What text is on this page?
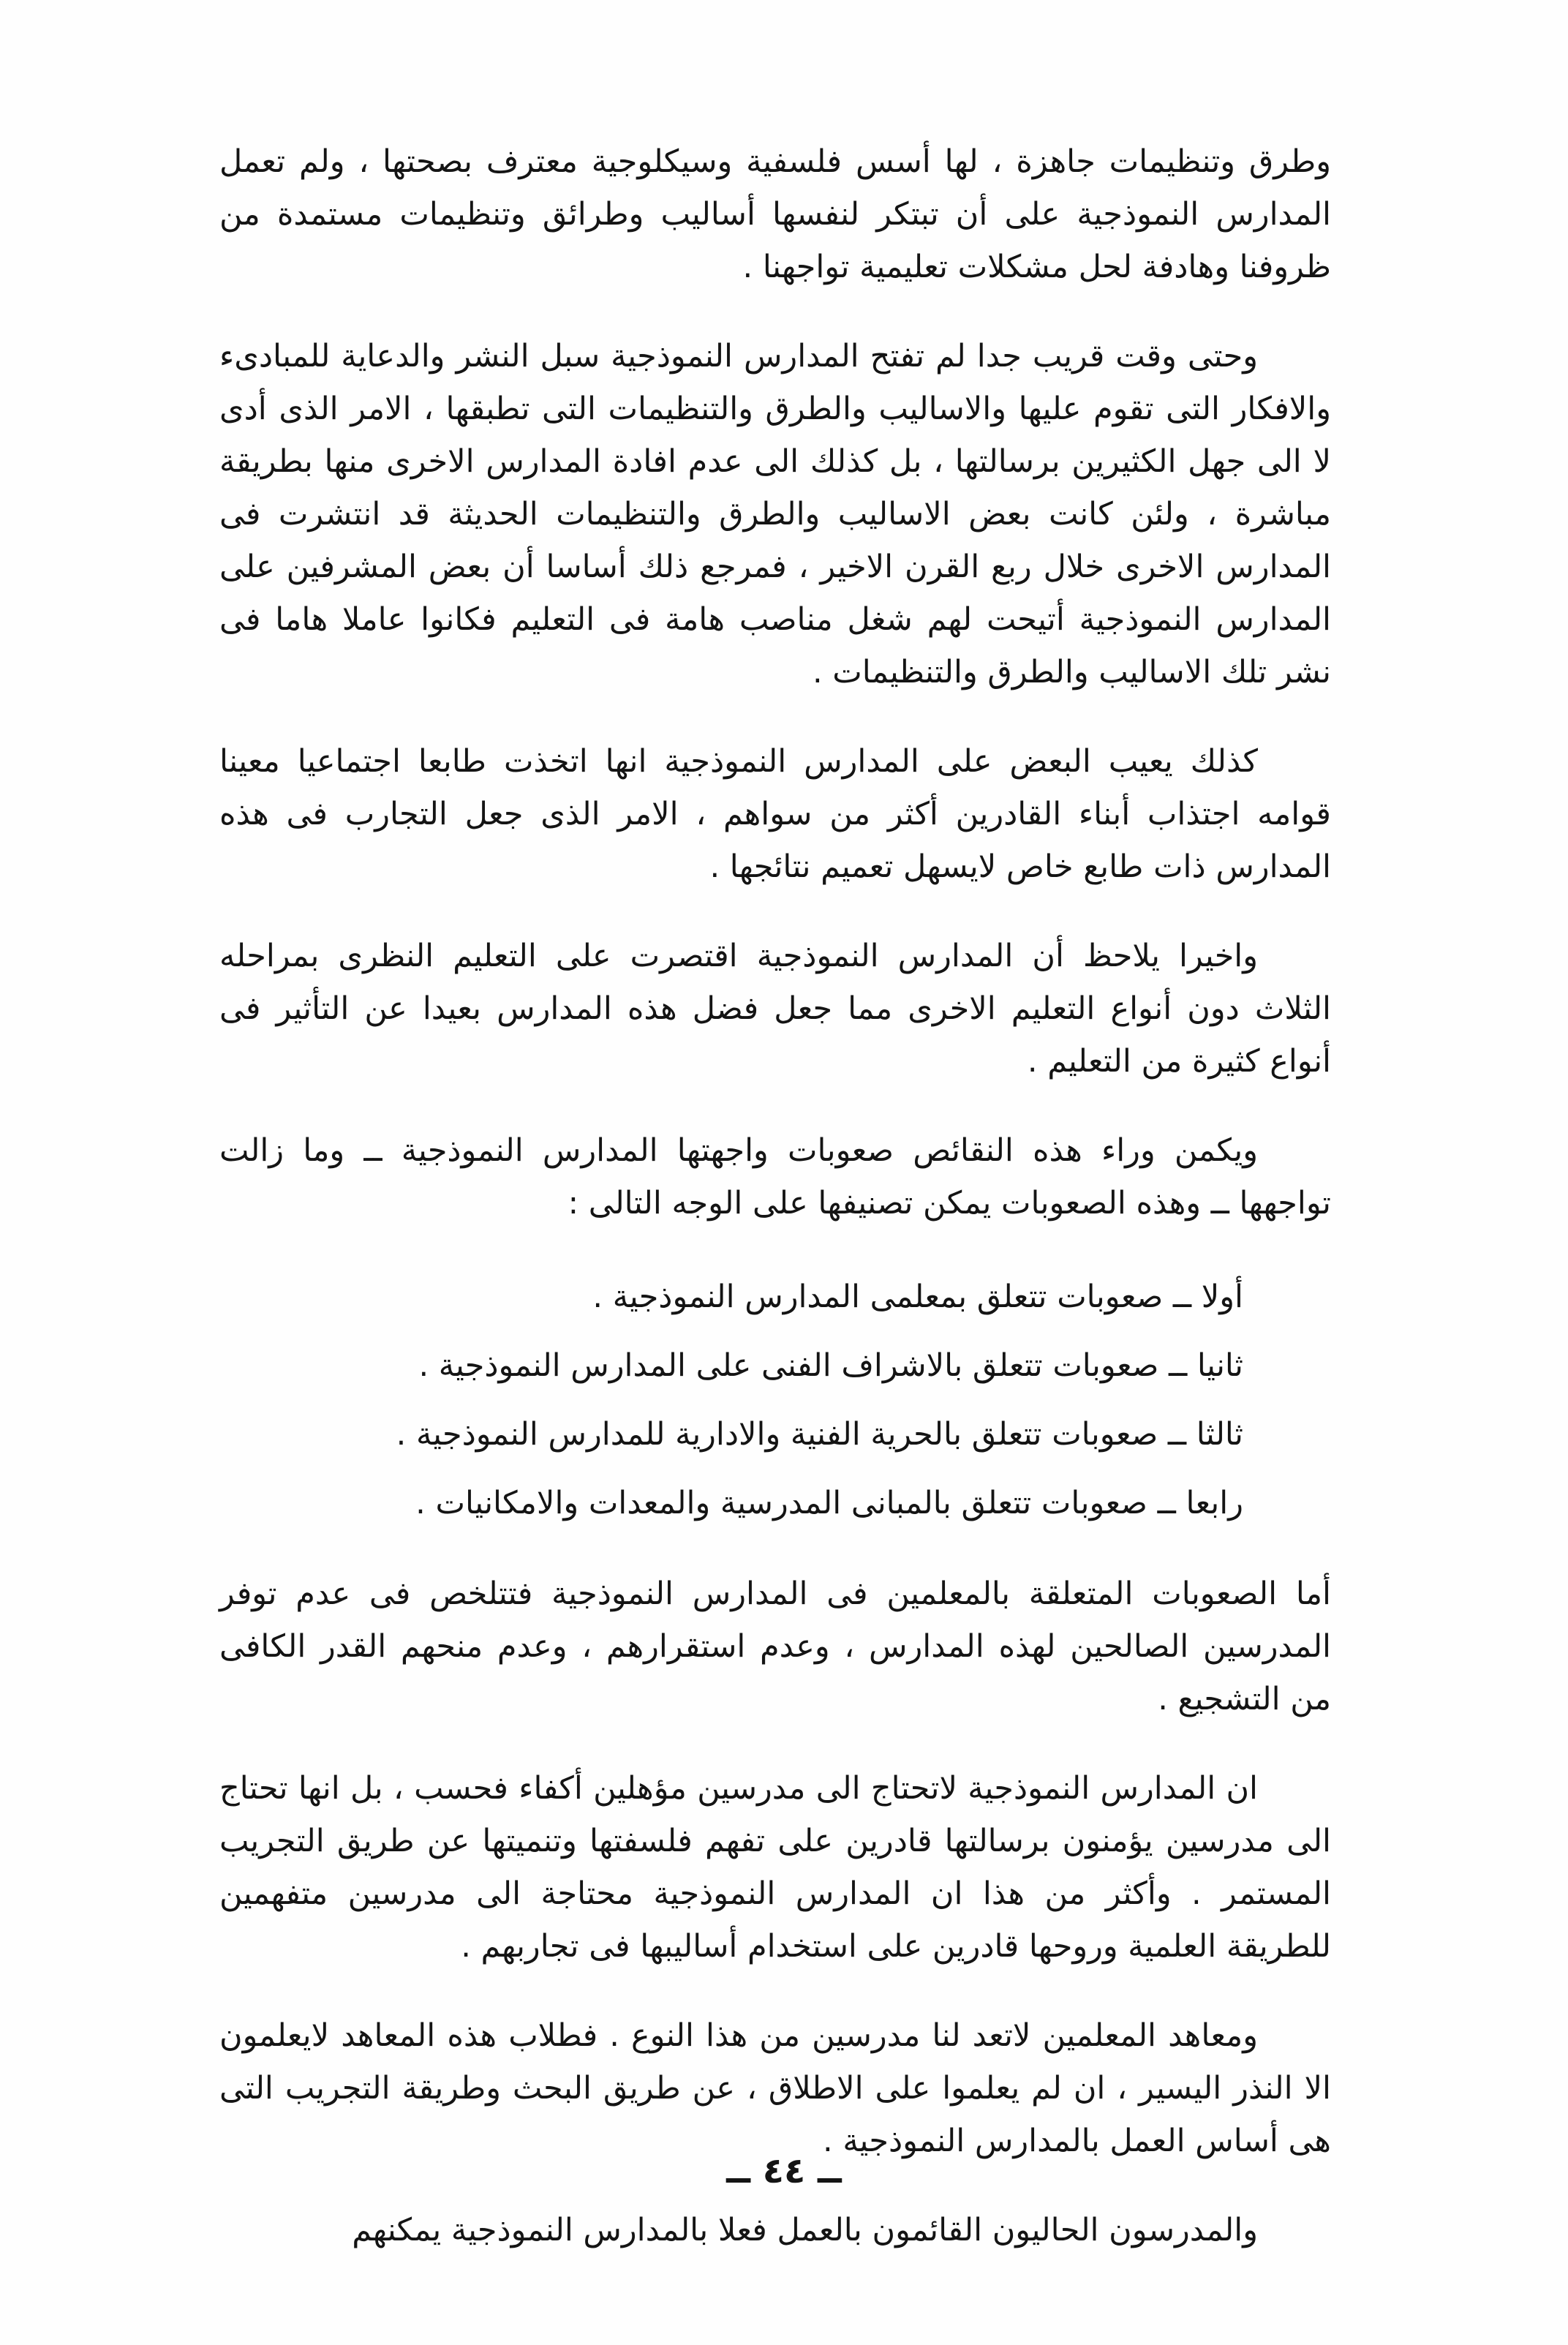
وطرق وتنظيمات جاهزة ، لها أسس فلسفية وسيكلوجية معترف بصحتها ، ولم تعمل المدارس النموذجية على أن تبتكر لنفسها أساليب وطرائق وتنظيمات مستمدة من ظروفنا وهادفة لحل مشكلات تعليمية تواجهنا .

وحتى وقت قريب جدا لم تفتح المدارس النموذجية سبل النشر والدعاية للمبادىء والافكار التى تقوم عليها والاساليب والطرق والتنظيمات التى تطبقها ، الامر الذى أدى لا الى جهل الكثيرين برسالتها ، بل كذلك الى عدم افادة المدارس الاخرى منها بطريقة مباشرة ، ولئن كانت بعض الاساليب والطرق والتنظيمات الحديثة قد انتشرت فى المدارس الاخرى خلال ربع القرن الاخير ، فمرجع ذلك أساسا أن بعض المشرفين على المدارس النموذجية أتيحت لهم شغل مناصب هامة فى التعليم فكانوا عاملا هاما فى نشر تلك الاساليب والطرق والتنظيمات .

كذلك يعيب البعض على المدارس النموذجية انها اتخذت طابعا اجتماعيا معينا قوامه اجتذاب أبناء القادرين أكثر من سواهم ، الامر الذى جعل التجارب فى هذه المدارس ذات طابع خاص لايسهل تعميم نتائجها .

واخيرا يلاحظ أن المدارس النموذجية اقتصرت على التعليم النظرى بمراحله الثلاث دون أنواع التعليم الاخرى مما جعل فضل هذه المدارس بعيدا عن التأثير فى أنواع كثيرة من التعليم .

ويكمن وراء هذه النقائص صعوبات واجهتها المدارس النموذجية ــ وما زالت تواجهها ــ وهذه الصعوبات يمكن تصنيفها على الوجه التالى :

أولا ــ صعوبات تتعلق بمعلمى المدارس النموذجية .
ثانيا ــ صعوبات تتعلق بالاشراف الفنى على المدارس النموذجية .
ثالثا ــ صعوبات تتعلق بالحرية الفنية والادارية للمدارس النموذجية .
رابعا ــ صعوبات تتعلق بالمبانى المدرسية والمعدات والامكانيات .

أما الصعوبات المتعلقة بالمعلمين فى المدارس النموذجية فتتلخص فى عدم توفر المدرسين الصالحين لهذه المدارس ، وعدم استقرارهم ، وعدم منحهم القدر الكافى من التشجيع .

ان المدارس النموذجية لاتحتاج الى مدرسين مؤهلين أكفاء فحسب ، بل انها تحتاج الى مدرسين يؤمنون برسالتها قادرين على تفهم فلسفتها وتنميتها عن طريق التجريب المستمر . وأكثر من هذا ان المدارس النموذجية محتاجة الى مدرسين متفهمين للطريقة العلمية وروحها قادرين على استخدام أساليبها فى تجاربهم .

ومعاهد المعلمين لاتعد لنا مدرسين من هذا النوع . فطلاب هذه المعاهد لايعلمون الا النذر اليسير ، ان لم يعلموا على الاطلاق ، عن طريق البحث وطريقة التجريب التى هى أساس العمل بالمدارس النموذجية .

والمدرسون الحاليون القائمون بالعمل فعلا بالمدارس النموذجية يمكنهم

ــ ٤٤ ــ
